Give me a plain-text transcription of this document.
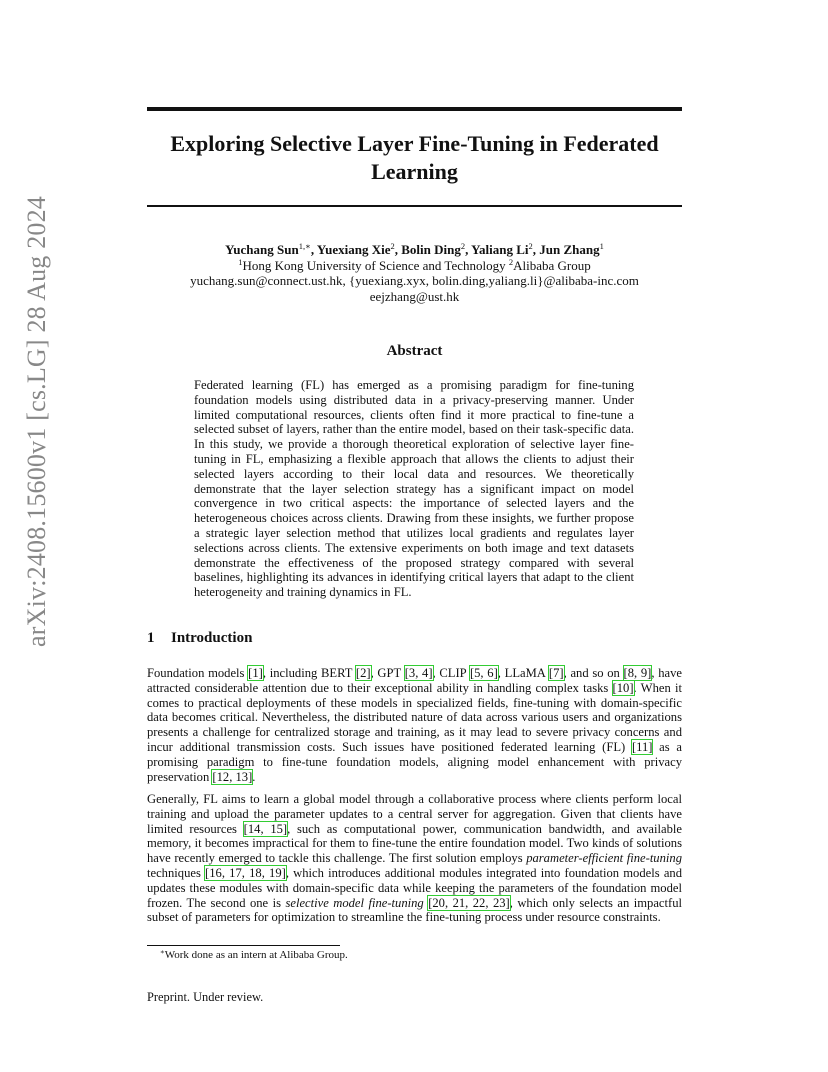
arXiv:2408.15600v1 [cs.LG] 28 Aug 2024
Exploring Selective Layer Fine-Tuning in Federated Learning
Yuchang Sun$^{1,∗}$, Yuexiang Xie$^2$, Bolin Ding$^2$, Yaliang Li$^2$, Jun Zhang$^1$
$^1$Hong Kong University of Science and Technology $^2$Alibaba Group
yuchang.sun@connect.ust.hk, {yuexiang.xyx, bolin.ding,yaliang.li}@alibaba-inc.com
eejzhang@ust.hk
Abstract
Federated learning (FL) has emerged as a promising paradigm for fine-tuning foundation models using distributed data in a privacy-preserving manner. Under limited computational resources, clients often find it more practical to fine-tune a selected subset of layers, rather than the entire model, based on their task-specific data. In this study, we provide a thorough theoretical exploration of selective layer fine-tuning in FL, emphasizing a flexible approach that allows the clients to adjust their selected layers according to their local data and resources. We theoretically demonstrate that the layer selection strategy has a significant impact on model convergence in two critical aspects: the importance of selected layers and the heterogeneous choices across clients. Drawing from these insights, we further propose a strategic layer selection method that utilizes local gradients and regulates layer selections across clients. The extensive experiments on both image and text datasets demonstrate the effectiveness of the proposed strategy compared with several baselines, highlighting its advances in identifying critical layers that adapt to the client heterogeneity and training dynamics in FL.
1 Introduction
Foundation models [1], including BERT [2], GPT [3, 4], CLIP [5, 6], LLaMA [7], and so on [8, 9], have attracted considerable attention due to their exceptional ability in handling complex tasks [10]. When it comes to practical deployments of these models in specialized fields, fine-tuning with domain-specific data becomes critical. Nevertheless, the distributed nature of data across various users and organizations presents a challenge for centralized storage and training, as it may lead to severe privacy concerns and incur additional transmission costs. Such issues have positioned federated learning (FL) [11] as a promising paradigm to fine-tune foundation models, aligning model enhancement with privacy preservation [12, 13].
Generally, FL aims to learn a global model through a collaborative process where clients perform local training and upload the parameter updates to a central server for aggregation. Given that clients have limited resources [14, 15], such as computational power, communication bandwidth, and available memory, it becomes impractical for them to fine-tune the entire foundation model. Two kinds of solutions have recently emerged to tackle this challenge. The first solution employs parameter-efficient fine-tuning techniques [16, 17, 18, 19], which introduces additional modules integrated into foundation models and updates these modules with domain-specific data while keeping the parameters of the foundation model frozen. The second one is selective model fine-tuning [20, 21, 22, 23], which only selects an impactful subset of parameters for optimization to streamline the fine-tuning process under resource constraints.
∗Work done as an intern at Alibaba Group.
Preprint. Under review.
